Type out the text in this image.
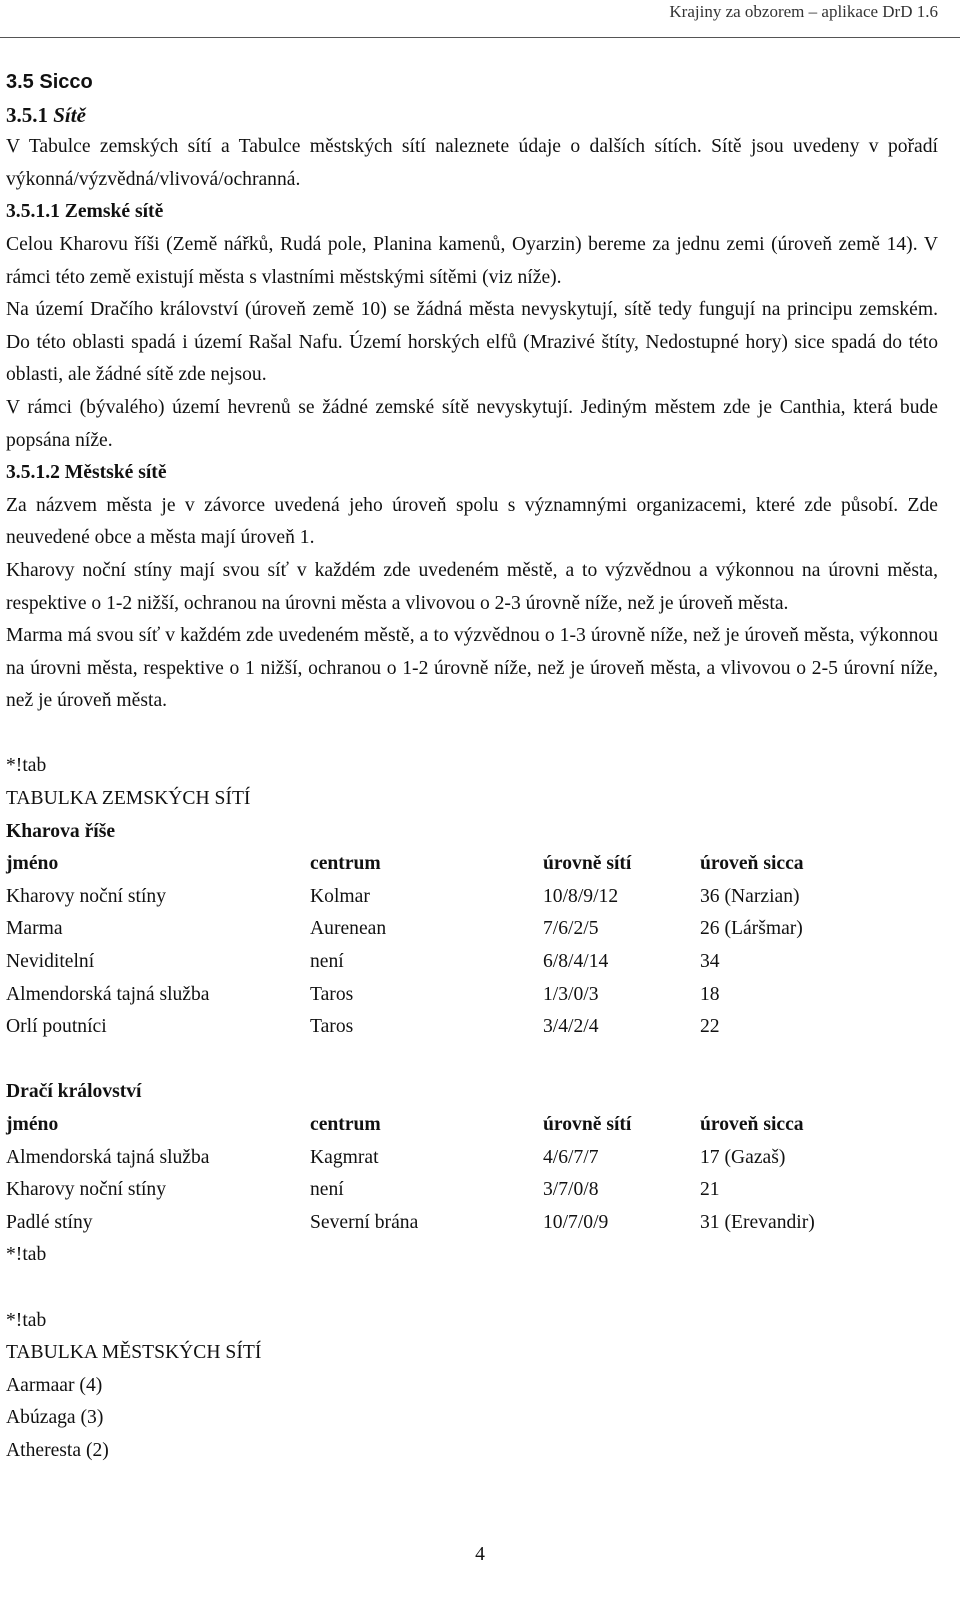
Krajiny za obzorem – aplikace DrD 1.6
3.5 Sicco
3.5.1 Sítě

V Tabulce zemských sítí a Tabulce městských sítí naleznete údaje o dalších sítích. Sítě jsou uvedeny v pořadí výkonná/výzvědná/vlivová/ochranná.

3.5.1.1 Zemské sítě

Celou Kharovu říši (Země nářků, Rudá pole, Planina kamenů, Oyarzin) bereme za jednu zemi (úroveň země 14). V rámci této země existují města s vlastními městskými sítěmi (viz níže).

Na území Dračího království (úroveň země 10) se žádná města nevyskytují, sítě tedy fungují na principu zemském. Do této oblasti spadá i území Rašal Nafu. Území horských elfů (Mrazivé štíty, Nedostupné hory) sice spadá do této oblasti, ale žádné sítě zde nejsou.

V rámci (bývalého) území hevrenů se žádné zemské sítě nevyskytují. Jediným městem zde je Canthia, která bude popsána níže.

3.5.1.2 Městské sítě

Za názvem města je v závorce uvedená jeho úroveň spolu s významnými organizacemi, které zde působí. Zde neuvedené obce a města mají úroveň 1.

Kharovy noční stíny mají svou síť v každém zde uvedeném městě, a to výzvědnou a výkonnou na úrovni města, respektive o 1-2 nižší, ochranou na úrovni města a vlivovou o 2-3 úrovně níže, než je úroveň města.

Marma má svou síť v každém zde uvedeném městě, a to výzvědnou o 1-3 úrovně níže, než je úroveň města, výkonnou na úrovni města, respektive o 1 nižší, ochranou o 1-2 úrovně níže, než je úroveň města, a vlivovou o 2-5 úrovní níže, než je úroveň města.

*!tab
TABULKA ZEMSKÝCH SÍTÍ
Kharova říše
jméno	centrum	úrovně sítí	úroveň sicca
Kharovy noční stíny	Kolmar	10/8/9/12	36 (Narzian)
Marma	Aurenean	7/6/2/5	26 (Láršmar)
Neviditelní	není	6/8/4/14	34
Almendorská tajná služba	Taros	1/3/0/3	18
Orlí poutníci	Taros	3/4/2/4	22
Dračí království
jméno	centrum	úrovně sítí	úroveň sicca
Almendorská tajná služba	Kagmrat	4/6/7/7	17 (Gazaš)
Kharovy noční stíny	není	3/7/0/8	21
Padlé stíny	Severní brána	10/7/0/9	31 (Erevandir)
*!tab
*!tab
TABULKA MĚSTSKÝCH SÍTÍ
Aarmaar (4)
Abúzaga (3)
Atheresta (2)
4
